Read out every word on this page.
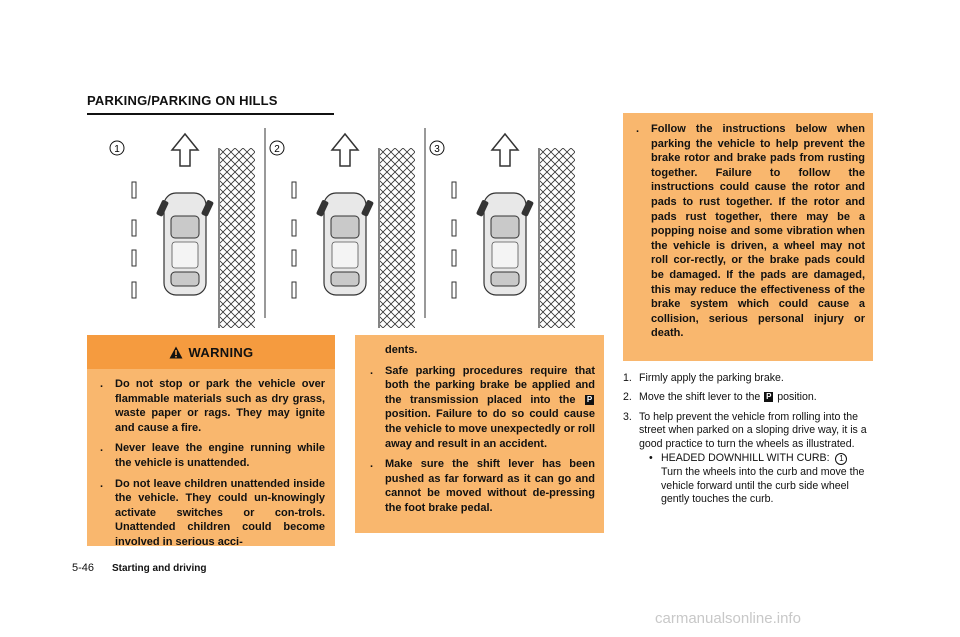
PARKING/PARKING ON HILLS
1	2	3
WARNING
. Do not stop or park the vehicle over flammable materials such as dry grass, waste paper or rags. They may ignite and cause a fire.
. Never leave the engine running while the vehicle is unattended.
. Do not leave children unattended inside the vehicle. They could un-knowingly activate switches or con-trols. Unattended children could become involved in serious acci-
dents.
. Safe parking procedures require that both the parking brake be applied and the transmission placed into the P position. Failure to do so could cause the vehicle to move unexpectedly or roll away and result in an accident.
. Make sure the shift lever has been pushed as far forward as it can go and cannot be moved without de-pressing the foot brake pedal.
. Follow the instructions below when parking the vehicle to help prevent the brake rotor and brake pads from rusting together. Failure to follow the instructions could cause the rotor and pads to rust together. If the rotor and pads rust together, there may be a popping noise and some vibration when the vehicle is driven, a wheel may not roll cor-rectly, or the brake pads could be damaged. If the pads are damaged, this may reduce the effectiveness of the brake system which could cause a collision, serious personal injury or death.
1. Firmly apply the parking brake.
2. Move the shift lever to the P position.
3. To help prevent the vehicle from rolling into the street when parked on a sloping drive way, it is a good practice to turn the wheels as illustrated.
• HEADED DOWNHILL WITH CURB: 1
Turn the wheels into the curb and move the vehicle forward until the curb side wheel gently touches the curb.
5-46 Starting and driving
carmanualsonline.info
